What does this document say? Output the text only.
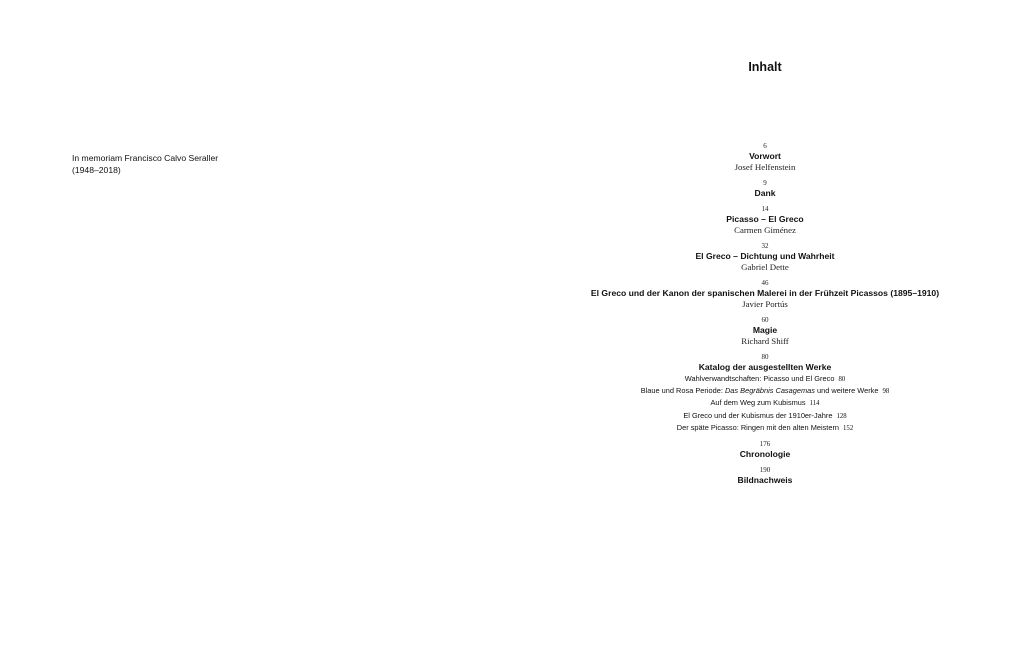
In memoriam Francisco Calvo Seraller
(1948–2018)
Inhalt
6
Vorwort
Josef Helfenstein
9
Dank
14
Picasso – El Greco
Carmen Giménez
32
El Greco – Dichtung und Wahrheit
Gabriel Dette
46
El Greco und der Kanon der spanischen Malerei in der Frühzeit Picassos (1895–1910)
Javier Portús
60
Magie
Richard Shiff
80
Katalog der ausgestellten Werke
Wahlverwandtschaften: Picasso und El Greco 80
Blaue und Rosa Periode: Das Begräbnis Casagemas und weitere Werke 98
Auf dem Weg zum Kubismus 114
El Greco und der Kubismus der 1910er-Jahre 128
Der späte Picasso: Ringen mit den alten Meistern 152
176
Chronologie
190
Bildnachweis
